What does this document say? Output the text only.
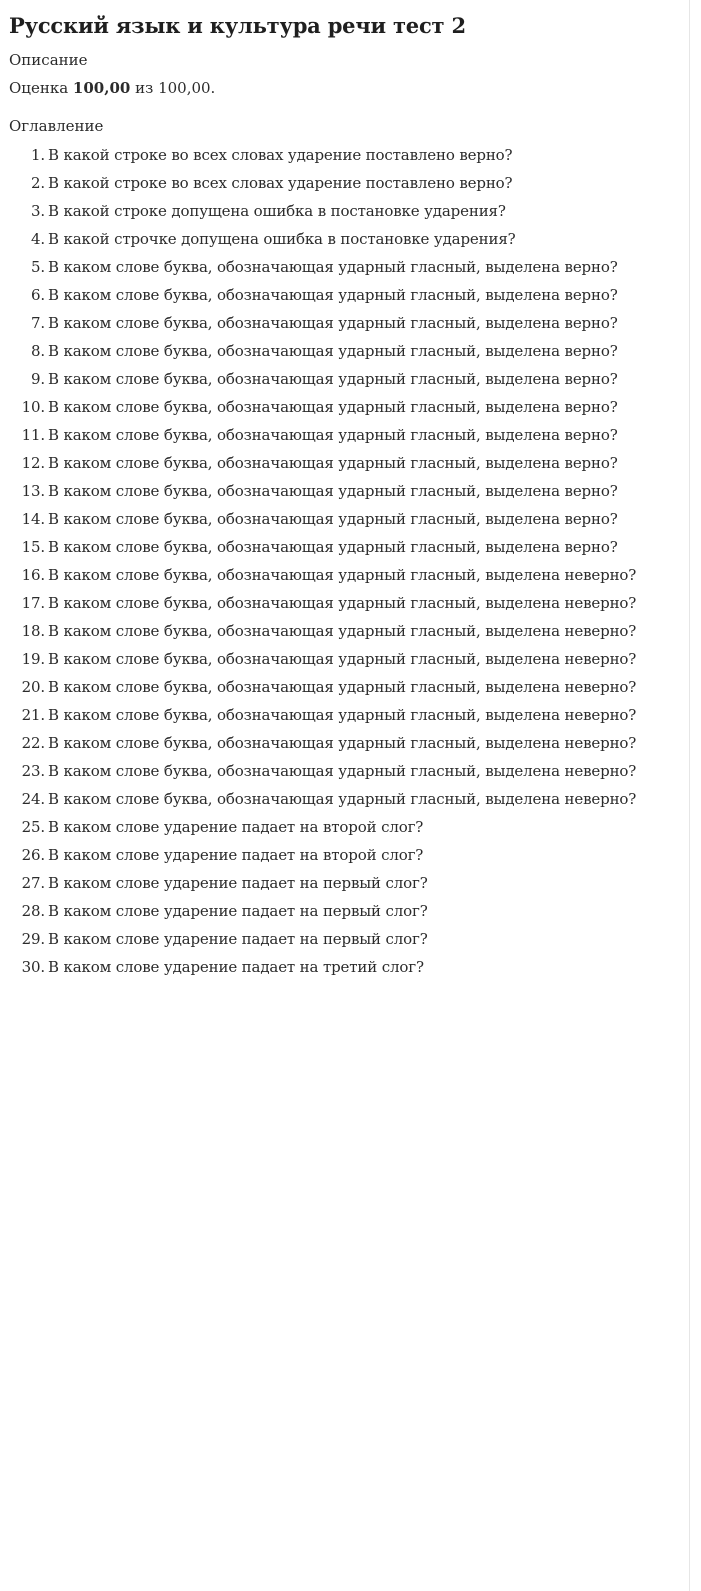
Русский язык и культура речи тест 2
Описание
Оценка 100,00 из 100,00.
Оглавление
1. В какой строке во всех словах ударение поставлено верно?
2. В какой строке во всех словах ударение поставлено верно?
3. В какой строке допущена ошибка в постановке ударения?
4. В какой строчке допущена ошибка в постановке ударения?
5. В каком слове буква, обозначающая ударный гласный, выделена верно?
6. В каком слове буква, обозначающая ударный гласный, выделена верно?
7. В каком слове буква, обозначающая ударный гласный, выделена верно?
8. В каком слове буква, обозначающая ударный гласный, выделена верно?
9. В каком слове буква, обозначающая ударный гласный, выделена верно?
10. В каком слове буква, обозначающая ударный гласный, выделена верно?
11. В каком слове буква, обозначающая ударный гласный, выделена верно?
12. В каком слове буква, обозначающая ударный гласный, выделена верно?
13. В каком слове буква, обозначающая ударный гласный, выделена верно?
14. В каком слове буква, обозначающая ударный гласный, выделена верно?
15. В каком слове буква, обозначающая ударный гласный, выделена верно?
16. В каком слове буква, обозначающая ударный гласный, выделена неверно?
17. В каком слове буква, обозначающая ударный гласный, выделена неверно?
18. В каком слове буква, обозначающая ударный гласный, выделена неверно?
19. В каком слове буква, обозначающая ударный гласный, выделена неверно?
20. В каком слове буква, обозначающая ударный гласный, выделена неверно?
21. В каком слове буква, обозначающая ударный гласный, выделена неверно?
22. В каком слове буква, обозначающая ударный гласный, выделена неверно?
23. В каком слове буква, обозначающая ударный гласный, выделена неверно?
24. В каком слове буква, обозначающая ударный гласный, выделена неверно?
25. В каком слове ударение падает на второй слог?
26. В каком слове ударение падает на второй слог?
27. В каком слове ударение падает на первый слог?
28. В каком слове ударение падает на первый слог?
29. В каком слове ударение падает на первый слог?
30. В каком слове ударение падает на третий слог?
